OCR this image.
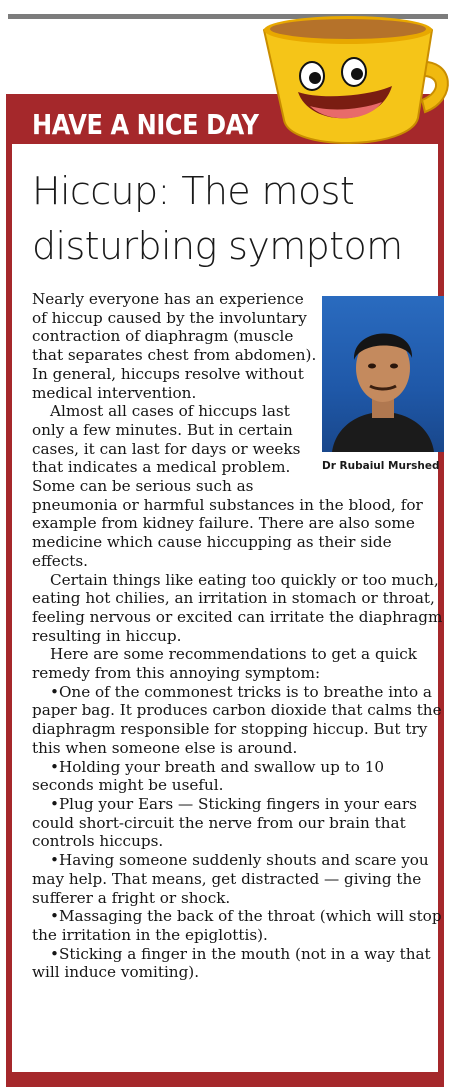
HAVE A NICE DAY
Hiccup: The most disturbing symptom
Dr Rubaiul Murshed

Nearly everyone has an experience of hiccup caused by the involuntary contraction of diaphragm (muscle that separates chest from abdomen). In general, hiccups resolve without medical intervention.

Almost all cases of hiccups last only a few minutes. But in certain cases, it can last for days or weeks that indicates a medical problem. Some can be serious such as pneumonia or harmful substances in the blood, for example from kidney failure. There are also some medicine which cause hiccupping as their side effects.

Certain things like eating too quickly or too much, eating hot chilies, an irritation in stomach or throat, feeling nervous or excited can irritate the diaphragm resulting in hiccup.

Here are some recommendations to get a quick remedy from this annoying symptom:

•One of the commonest tricks is to breathe into a paper bag. It produces carbon dioxide that calms the diaphragm responsible for stopping hiccup. But try this when someone else is around.

•Holding your breath and swallow up to 10 seconds might be useful.

•Plug your Ears — Sticking fingers in your ears could short-circuit the nerve from our brain that controls hiccups.

•Having someone suddenly shouts and scare you may help. That means, get distracted — giving the sufferer a fright or shock.

•Massaging the back of the throat (which will stop the irritation in the epiglottis).

•Sticking a finger in the mouth (not in a way that will induce vomiting).
